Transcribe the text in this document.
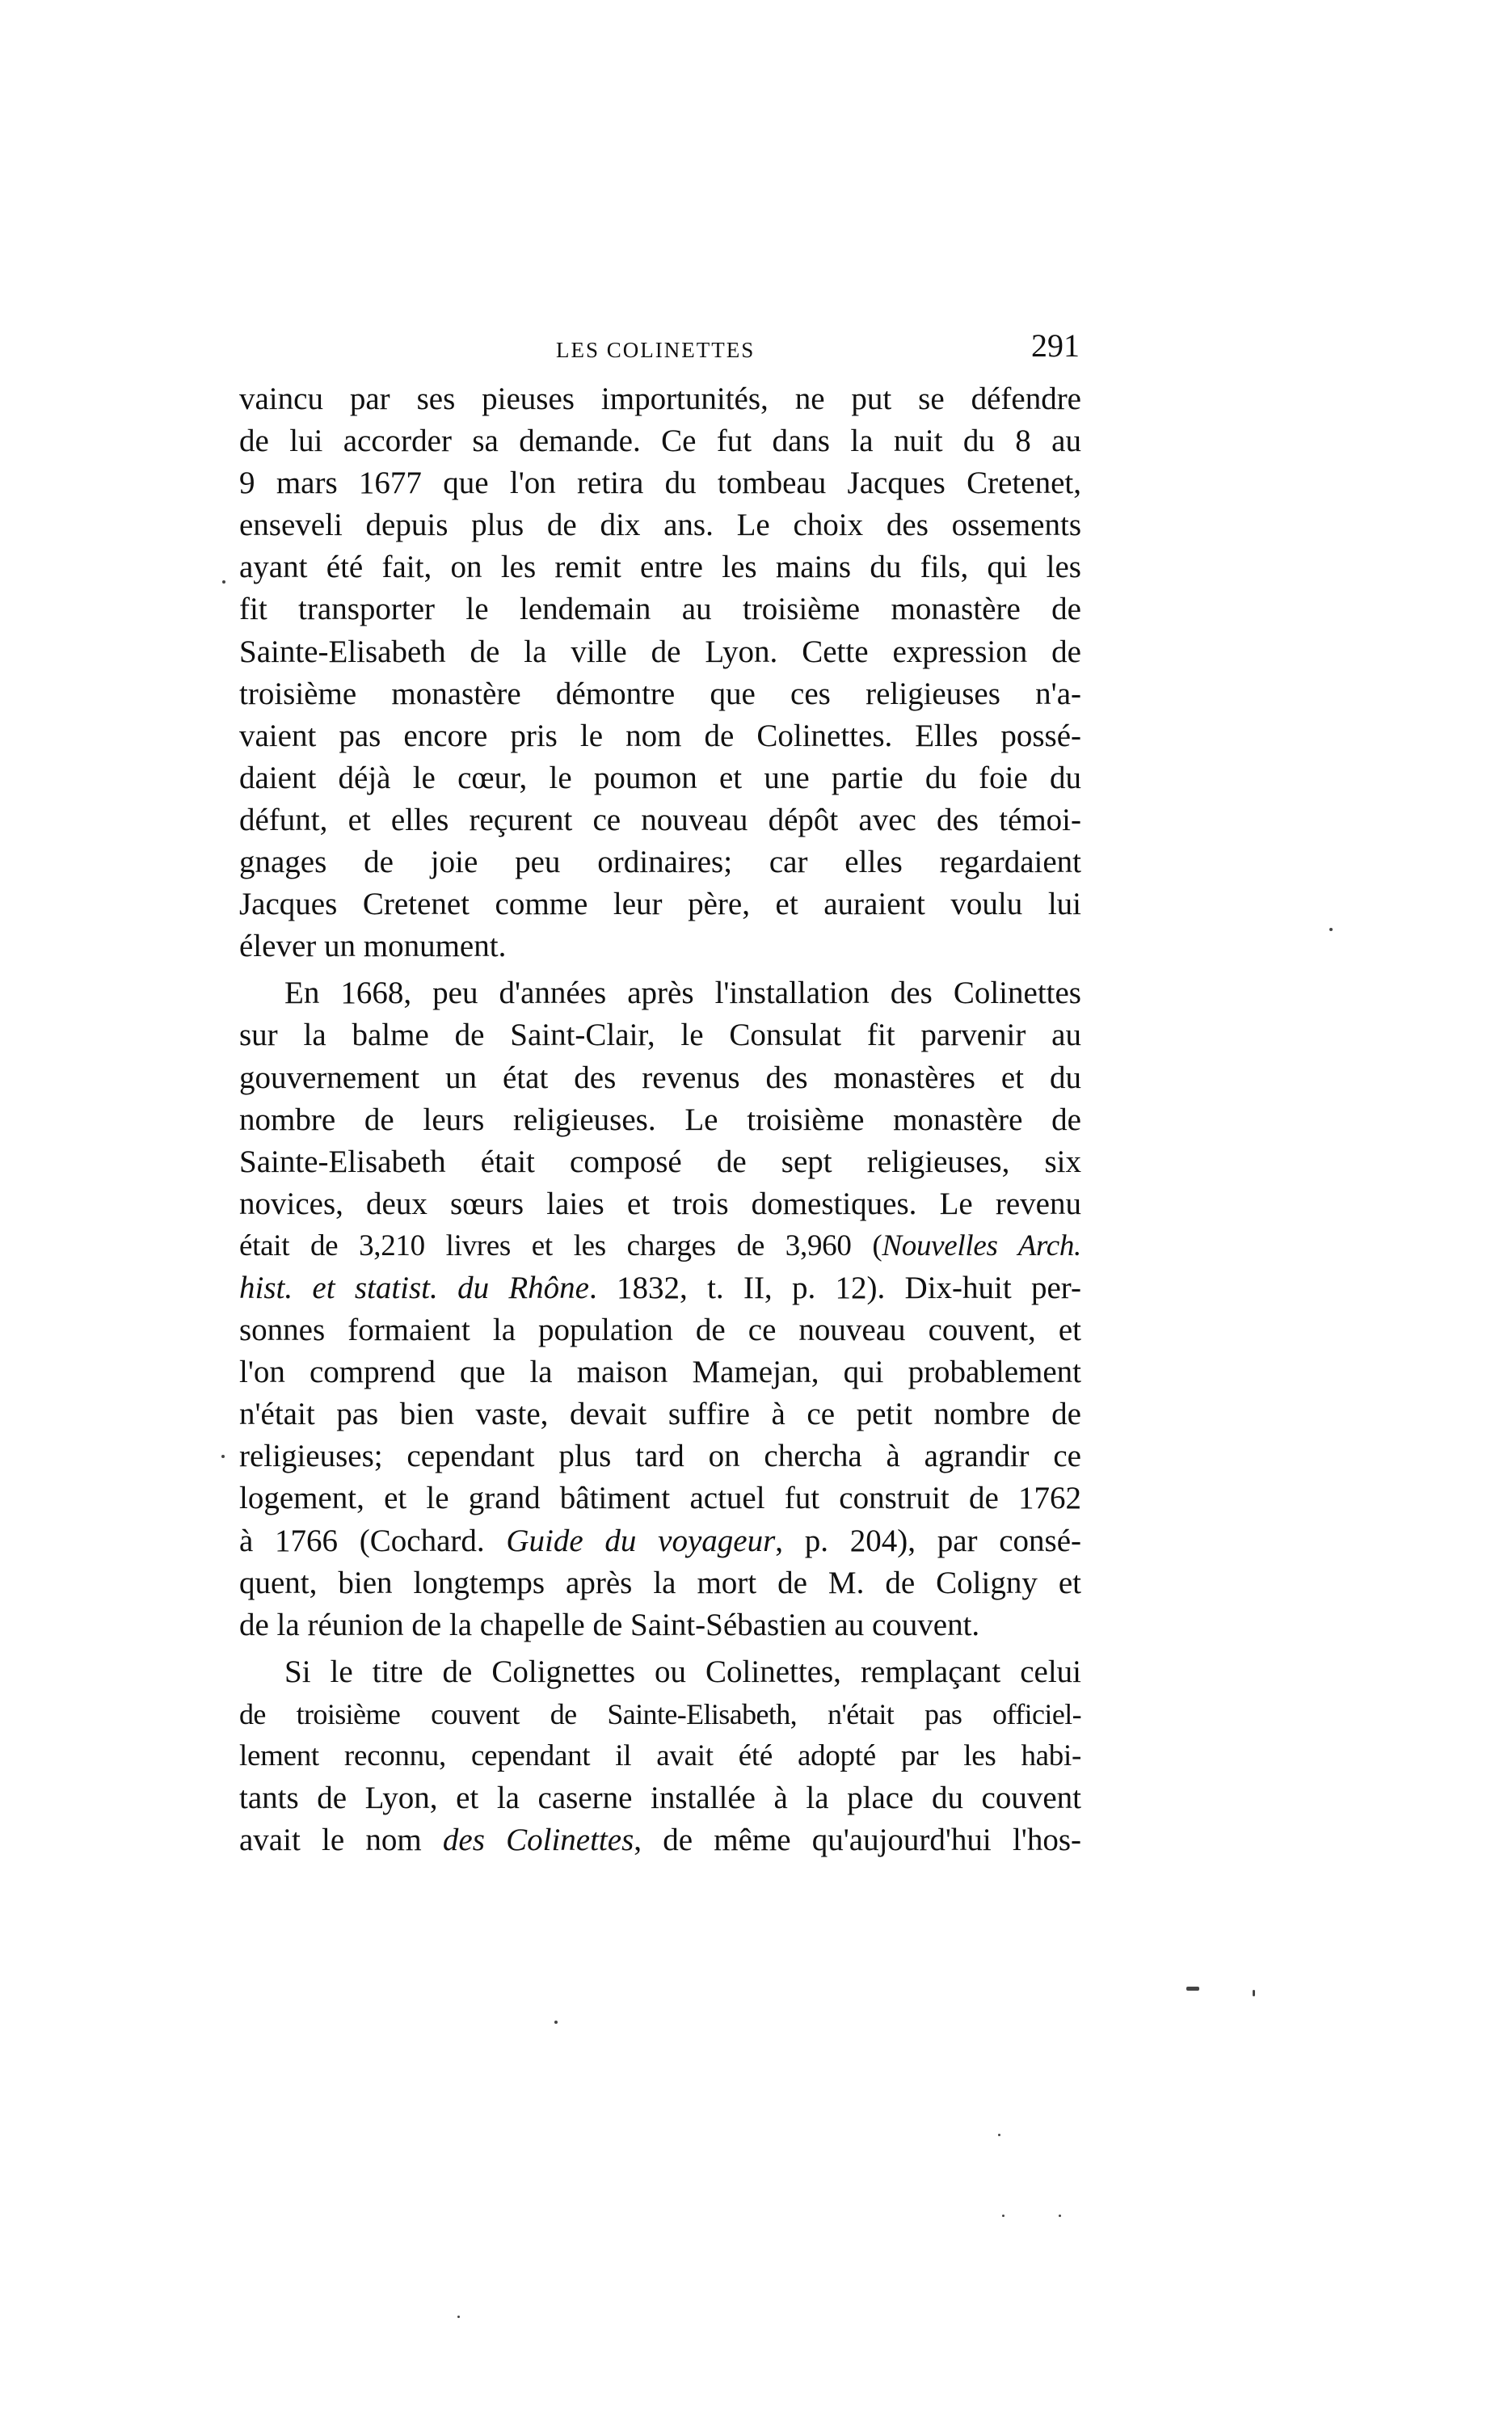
LES COLINETTES	291
vaincu par ses pieuses importunités, ne put se défendre
de lui accorder sa demande. Ce fut dans la nuit du 8 au
9 mars 1677 que l'on retira du tombeau Jacques Cretenet,
enseveli depuis plus de dix ans. Le choix des ossements
ayant été fait, on les remit entre les mains du fils, qui les
fit transporter le lendemain au troisième monastère de
Sainte-Elisabeth de la ville de Lyon. Cette expression de
troisième monastère démontre que ces religieuses n'a-
vaient pas encore pris le nom de Colinettes. Elles possé-
daient déjà le cœur, le poumon et une partie du foie du
défunt, et elles reçurent ce nouveau dépôt avec des témoi-
gnages de joie peu ordinaires; car elles regardaient
Jacques Cretenet comme leur père, et auraient voulu lui
élever un monument.
En 1668, peu d'années après l'installation des Colinettes
sur la balme de Saint-Clair, le Consulat fit parvenir au
gouvernement un état des revenus des monastères et du
nombre de leurs religieuses. Le troisième monastère de
Sainte-Elisabeth était composé de sept religieuses, six
novices, deux sœurs laies et trois domestiques. Le revenu
était de 3,210 livres et les charges de 3,960 (Nouvelles Arch.
hist. et statist. du Rhône. 1832, t. II, p. 12). Dix-huit per-
sonnes formaient la population de ce nouveau couvent, et
l'on comprend que la maison Mamejan, qui probablement
n'était pas bien vaste, devait suffire à ce petit nombre de
religieuses; cependant plus tard on chercha à agrandir ce
logement, et le grand bâtiment actuel fut construit de 1762
à 1766 (Cochard. Guide du voyageur, p. 204), par consé-
quent, bien longtemps après la mort de M. de Coligny et
de la réunion de la chapelle de Saint-Sébastien au couvent.
Si le titre de Colignettes ou Colinettes, remplaçant celui
de troisième couvent de Sainte-Elisabeth, n'était pas officiel-
lement reconnu, cependant il avait été adopté par les habi-
tants de Lyon, et la caserne installée à la place du couvent
avait le nom des Colinettes, de même qu'aujourd'hui l'hos-
